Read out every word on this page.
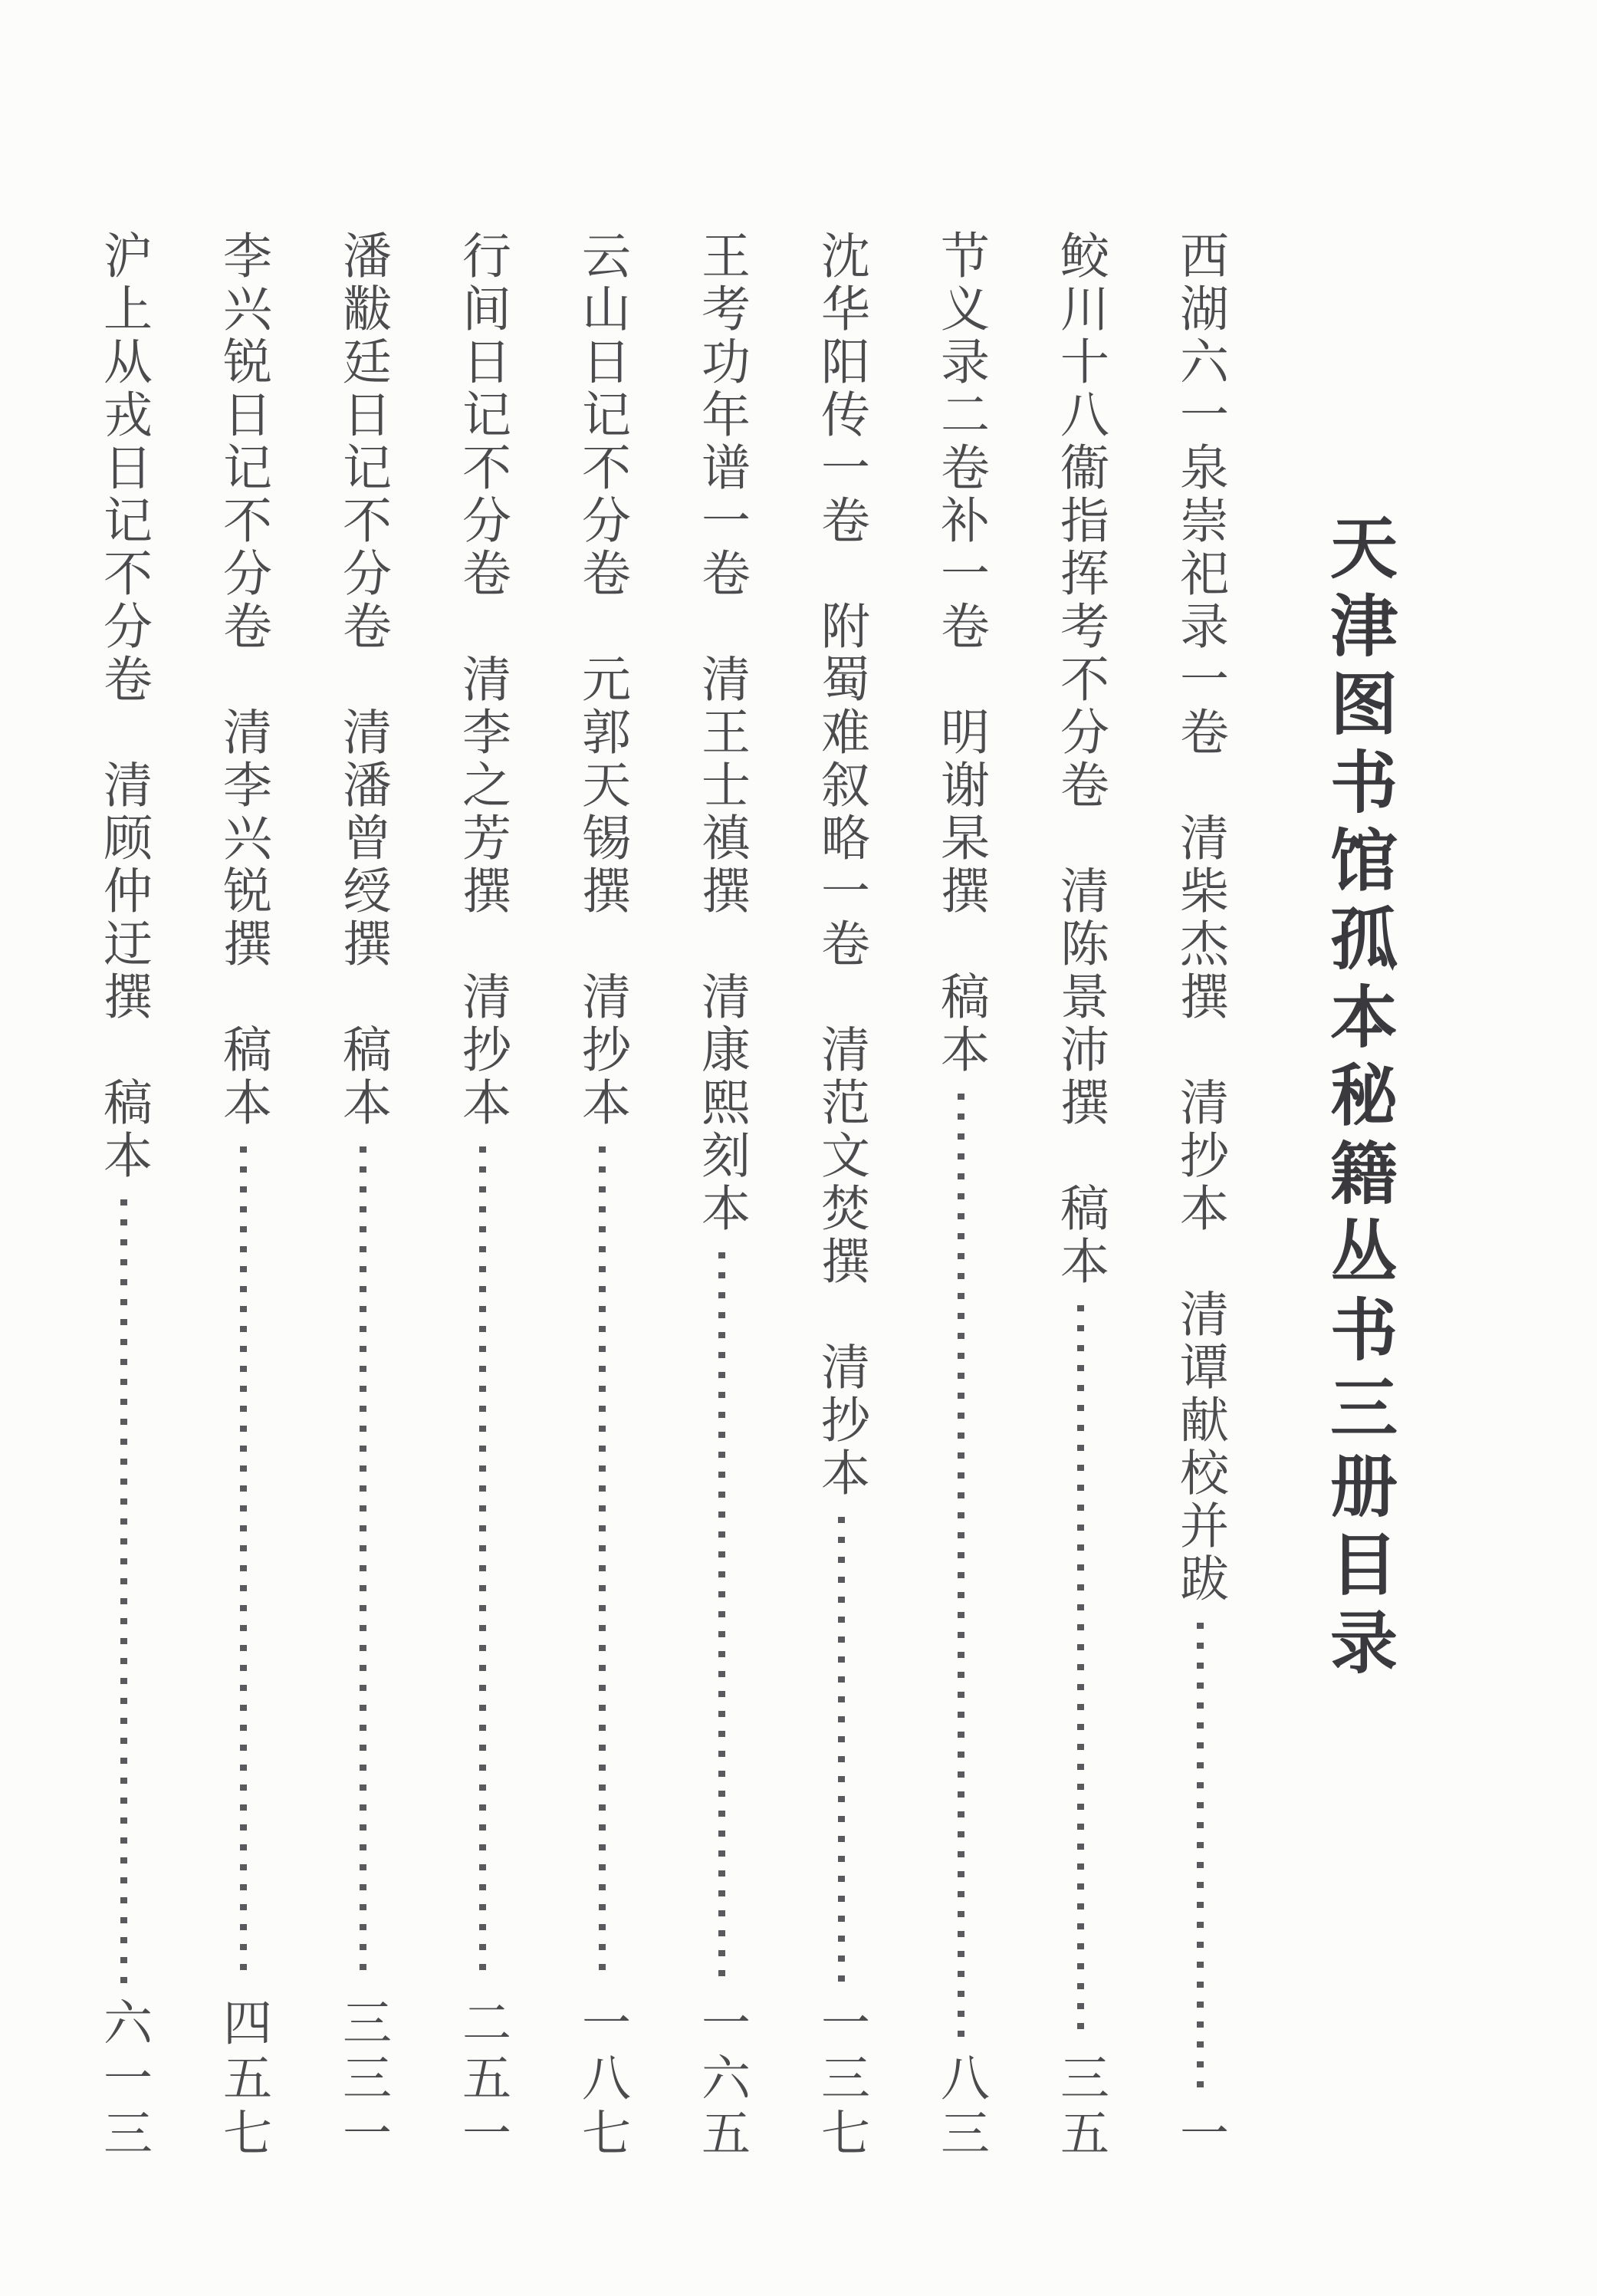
天津图书馆孤本秘籍丛书三册目录
西湖六一泉崇祀录一卷　清柴杰撰　清抄本　清谭献校并跋
一
鲛川十八衞指挥考不分卷　清陈景沛撰　稿本
三五
节义录二卷补一卷　明谢杲撰　稿本
八三
沈华阳传一卷　附蜀难叙略一卷　清范文焚撰　清抄本
一三七
王考功年谱一卷　清王士禛撰　清康熙刻本
一六五
云山日记不分卷　元郭天锡撰　清抄本
一八七
行间日记不分卷　清李之芳撰　清抄本
二五一
潘黻廷日记不分卷　清潘曾绶撰　稿本
三三一
李兴锐日记不分卷　清李兴锐撰　稿本
四五七
沪上从戎日记不分卷　清顾仲迂撰　稿本
六一三
